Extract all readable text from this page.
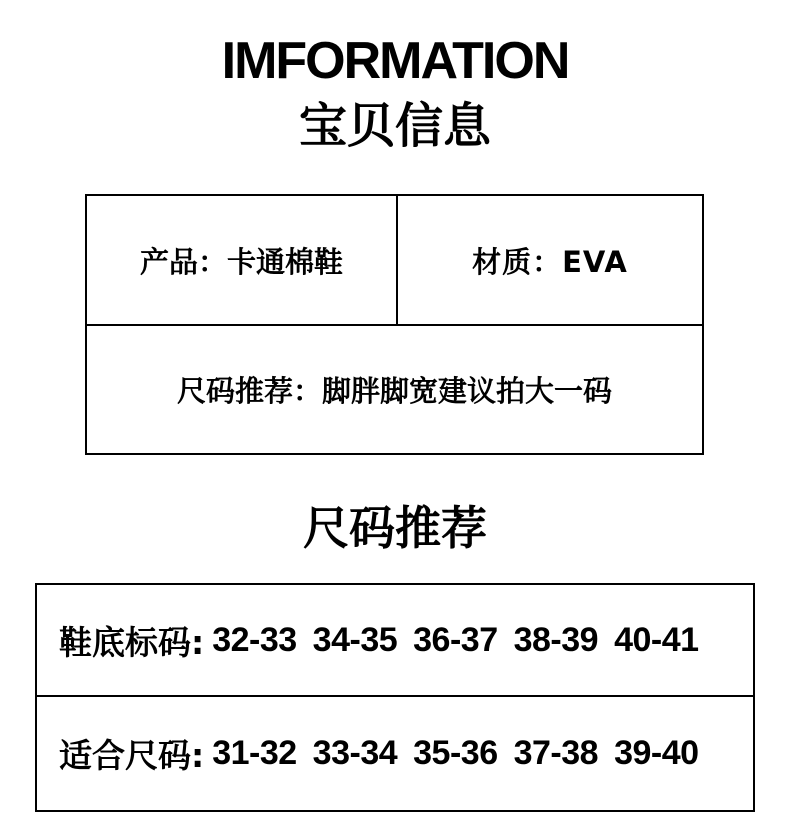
IMFORMATION
宝贝信息
产品：卡通棉鞋	材质：EVA
尺码推荐：脚胖脚宽建议拍大一码
尺码推荐
鞋底标码: 32-33 34-35 36-37 38-39 40-41
适合尺码: 31-32 33-34 35-36 37-38 39-40
